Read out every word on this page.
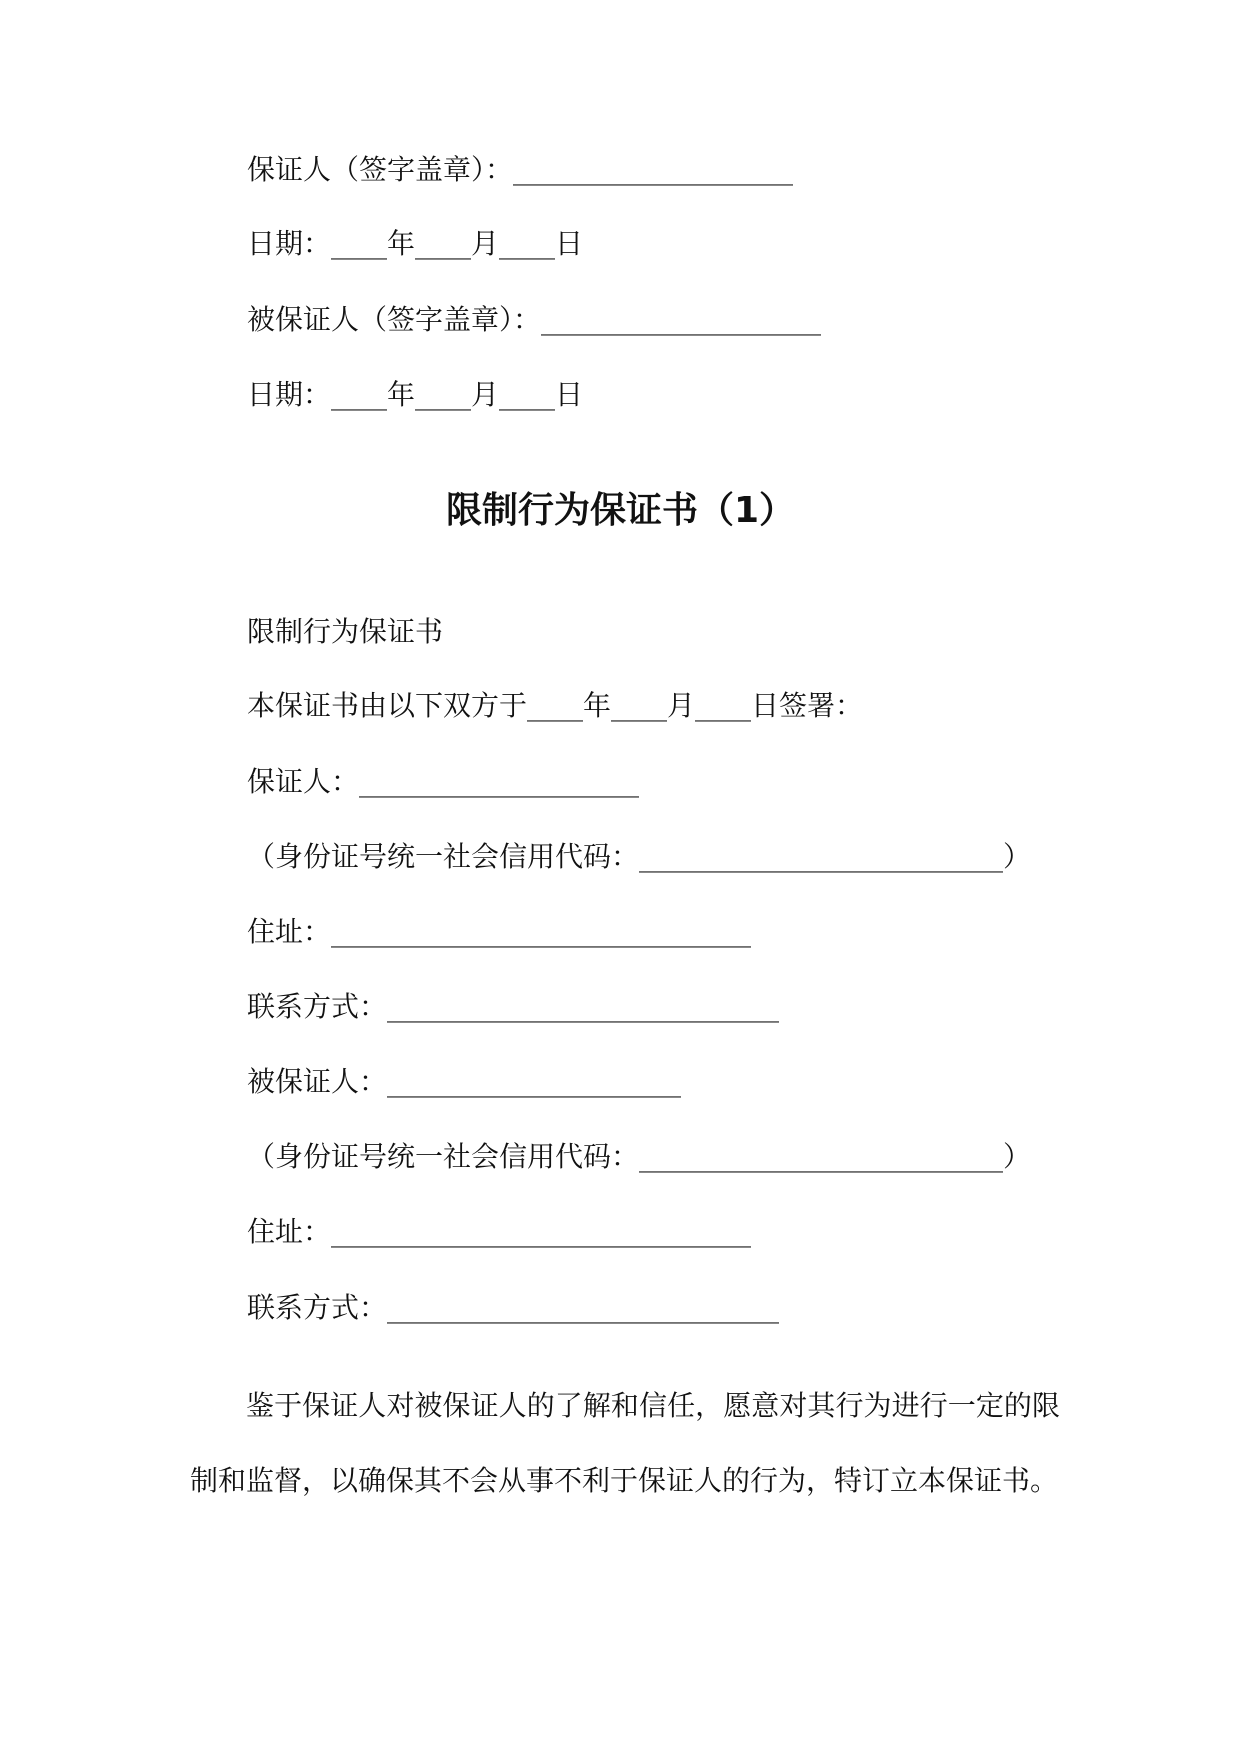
保证人（签字盖章）：____________________

日期：____年____月____日

被保证人（签字盖章）：____________________

日期：____年____月____日

限制行为保证书（1）

限制行为保证书

本保证书由以下双方于____年____月____日签署：

保证人：____________________

（身份证号统一社会信用代码：__________________________）

住址：______________________________

联系方式：____________________________

被保证人：_____________________

（身份证号统一社会信用代码：__________________________）

住址：______________________________

联系方式：____________________________

鉴于保证人对被保证人的了解和信任，愿意对其行为进行一定的限制和监督，以确保其不会从事不利于保证人的行为，特订立本保证书。
